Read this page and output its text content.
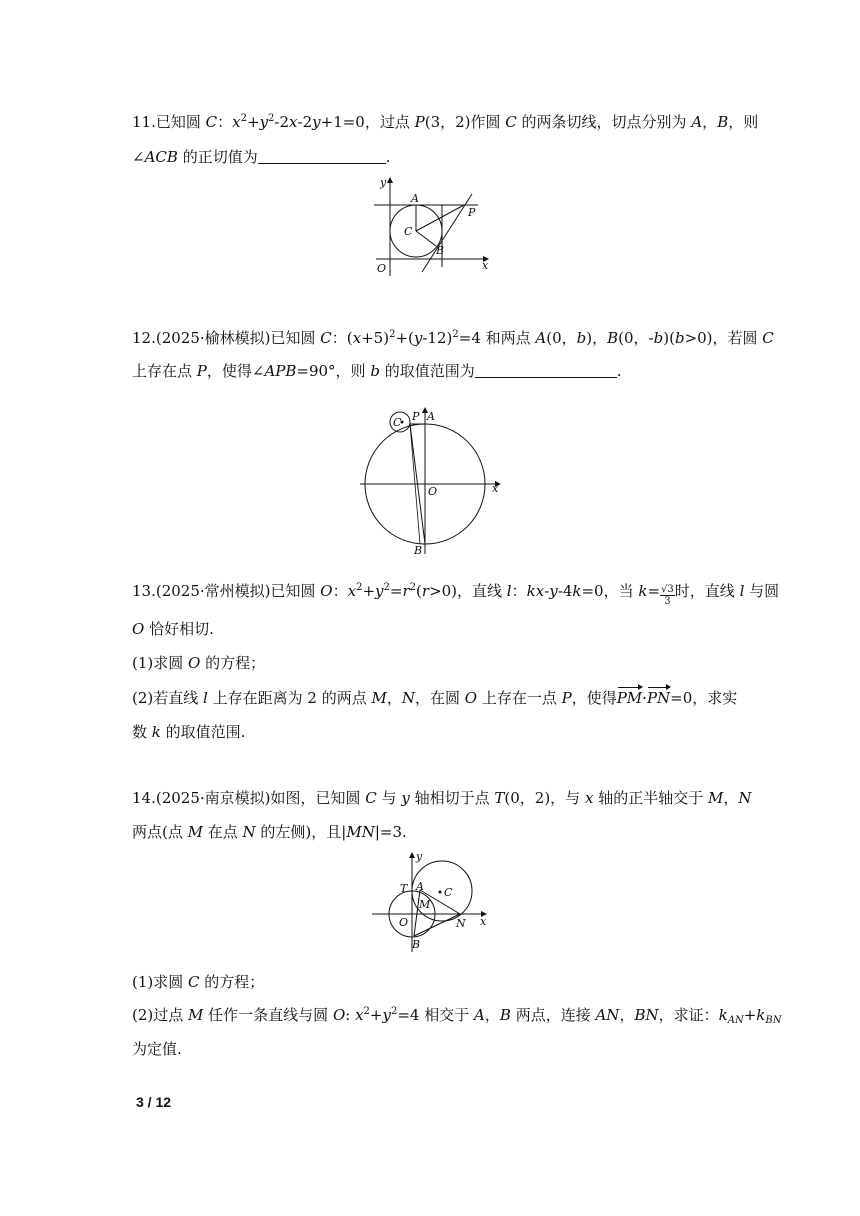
11.已知圆 C：$x^2+y^2-2x-2y+1=0$，过点 P(3，2)作圆 C 的两条切线，切点分别为 A，B，则
∠ACB 的正切值为	.
y
A
P
C
B
O	x
12.(2025·榆林模拟)已知圆 C：$(x+5)^2+(y-12)^2=4$ 和两点 A(0，b)，B(0，-b)(b>0)，若圆 C
上存在点 P，使得∠APB=90°，则 b 的取值范围为	.
C P A
O	x
B
13.(2025·常州模拟)已知圆 O：$x^2+y^2=r^2(r>0)$，直线 l：kx-y-4k=0，当 $k= \frac{√3}{3}$ 时，直线 l 与圆
O 恰好相切.
(1)求圆 O 的方程；
(2)若直线 l 上存在距离为 2 的两点 M，N，在圆 O 上存在一点 P，使得PM·PN=0，求实
数 k 的取值范围.
14.(2025·南京模拟)如图，已知圆 C 与 y 轴相切于点 T(0，2)，与 x 轴的正半轴交于 M，N
两点(点 M 在点 N 的左侧)，且|MN|=3.
y
T A C
M
O	N x
B
(1)求圆 C 的方程；
(2)过点 M 任作一条直线与圆 O: $x^2+y^2=4$ 相交于 A，B 两点，连接 AN，BN，求证：$k_{AN}+k_{BN}$
为定值.
3 / 12
